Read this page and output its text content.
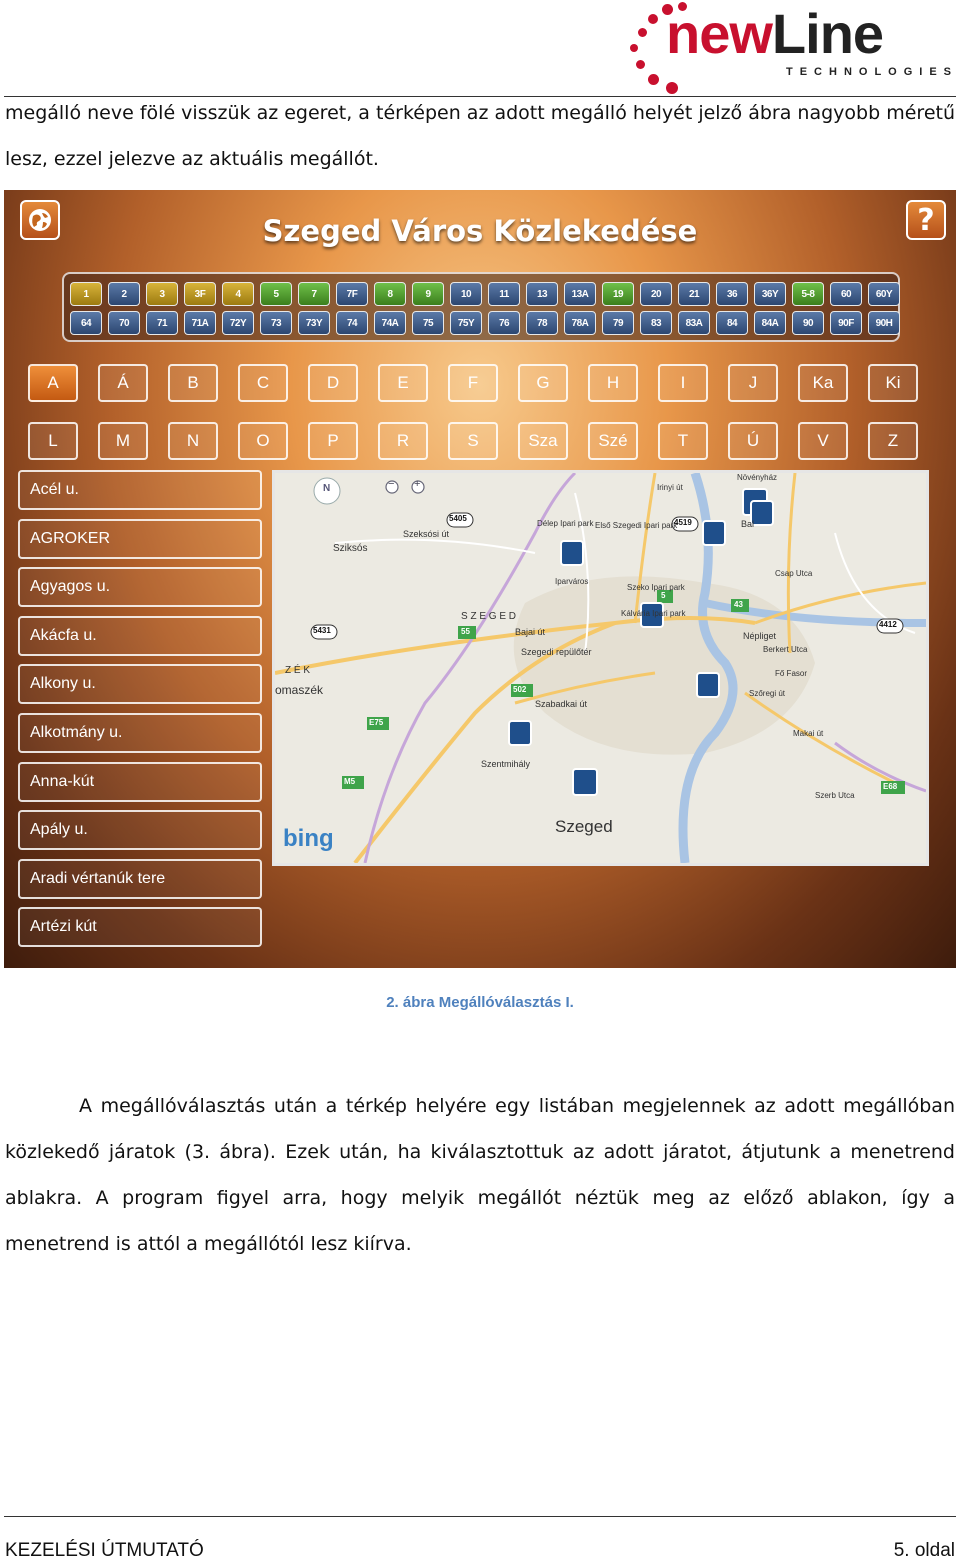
newLine
TECHNOLOGIES
megálló neve fölé visszük az egeret, a térképen az adott megálló helyét jelző ábra nagyobb méretű lesz, ezzel jelezve az aktuális megállót.
?
Szeged Város Közlekedése
1	2	3	3F	4	5	7	7F	8	9	10	11	13	13A	19	20	21	36	36Y	5-8	60	60Y
64	70	71	71A	72Y	73	73Y	74	74A	75	75Y	76	78	78A	79	83	83A	84	84A	90	90F	90H
A	Á	B	C	D	E	F	G	H	I	J	Ka	Ki
L	M	N	O	P	R	S	Sza	Szé	T	Ú	V	Z
Acél u.
AGROKER
Agyagos u.
Akácfa u.
Alkony u.
Alkotmány u.
Anna-kút
Apály u.
Aradi vértanúk tere
Artézi kút
Sziksós
Szeksósi út
Délep Ipari park Első Szegedi Ipari park
Iparváros
Szeko Ipari park
Kálvária Ipari park
S Z E G E D
Bajai út
Szegedi repülőtér
Népliget
Berkert Utca
Fő Fasor
Szőregi út
Makai út
Szentmihály
Szeged
Szabadkai út
omaszék
Z É K
Növényház
Bal
Csap Utca
Szerb Utca
Irinyi út
5405	4519
5431
4412
55
5
43
502
E75
M5
E68
N	− +
bing
2. ábra Megállóválasztás I.
A megállóválasztás után a térkép helyére egy listában megjelennek az adott megállóban közlekedő járatok (3. ábra). Ezek után, ha kiválasztottuk az adott járatot, átjutunk a menetrend ablakra. A program figyel arra, hogy melyik megállót néztük meg az előző ablakon, így a menetrend is attól a megállótól lesz kiírva.
KEZELÉSI ÚTMUTATÓ	5. oldal
